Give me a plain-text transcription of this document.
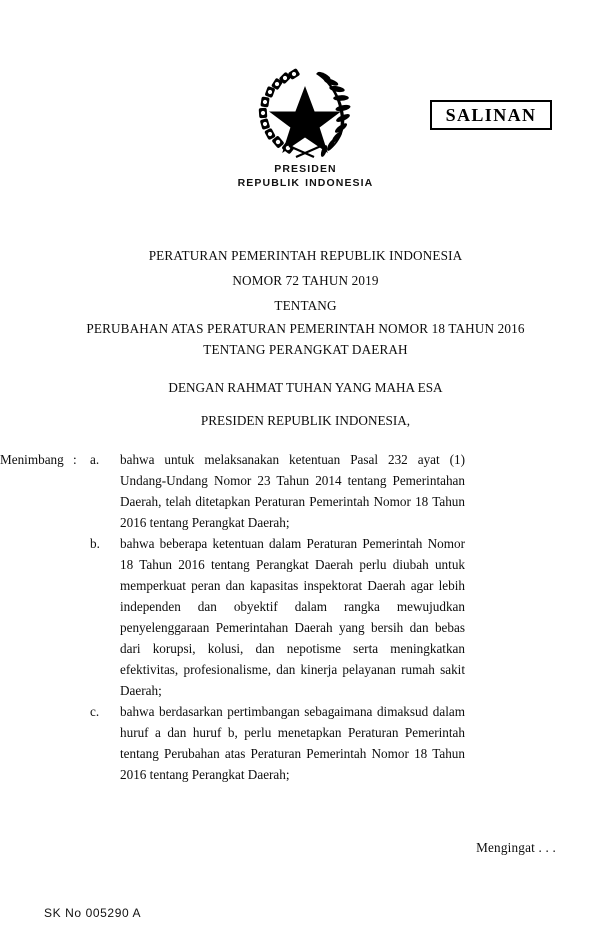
PRESIDEN
REPUBLIK INDONESIA
SALINAN
PERATURAN PEMERINTAH REPUBLIK INDONESIA
NOMOR 72 TAHUN 2019
TENTANG
PERUBAHAN ATAS PERATURAN PEMERINTAH NOMOR 18 TAHUN 2016
TENTANG PERANGKAT DAERAH
DENGAN RAHMAT TUHAN YANG MAHA ESA
PRESIDEN REPUBLIK INDONESIA,
Menimbang :	a.	bahwa untuk melaksanakan ketentuan Pasal 232 ayat (1) Undang-Undang Nomor 23 Tahun 2014 tentang Pemerintahan Daerah, telah ditetapkan Peraturan Pemerintah Nomor 18 Tahun 2016 tentang Perangkat Daerah;

b.	bahwa beberapa ketentuan dalam Peraturan Pemerintah Nomor 18 Tahun 2016 tentang Perangkat Daerah perlu diubah untuk memperkuat peran dan kapasitas inspektorat Daerah agar lebih independen dan obyektif dalam rangka mewujudkan penyelenggaraan Pemerintahan Daerah yang bersih dan bebas dari korupsi, kolusi, dan nepotisme serta meningkatkan efektivitas, profesionalisme, dan kinerja pelayanan rumah sakit Daerah;

c.	bahwa berdasarkan pertimbangan sebagaimana dimaksud dalam huruf a dan huruf b, perlu menetapkan Peraturan Pemerintah tentang Perubahan atas Peraturan Pemerintah Nomor 18 Tahun 2016 tentang Perangkat Daerah;

Mengingat . . .
SK No 005290 A
